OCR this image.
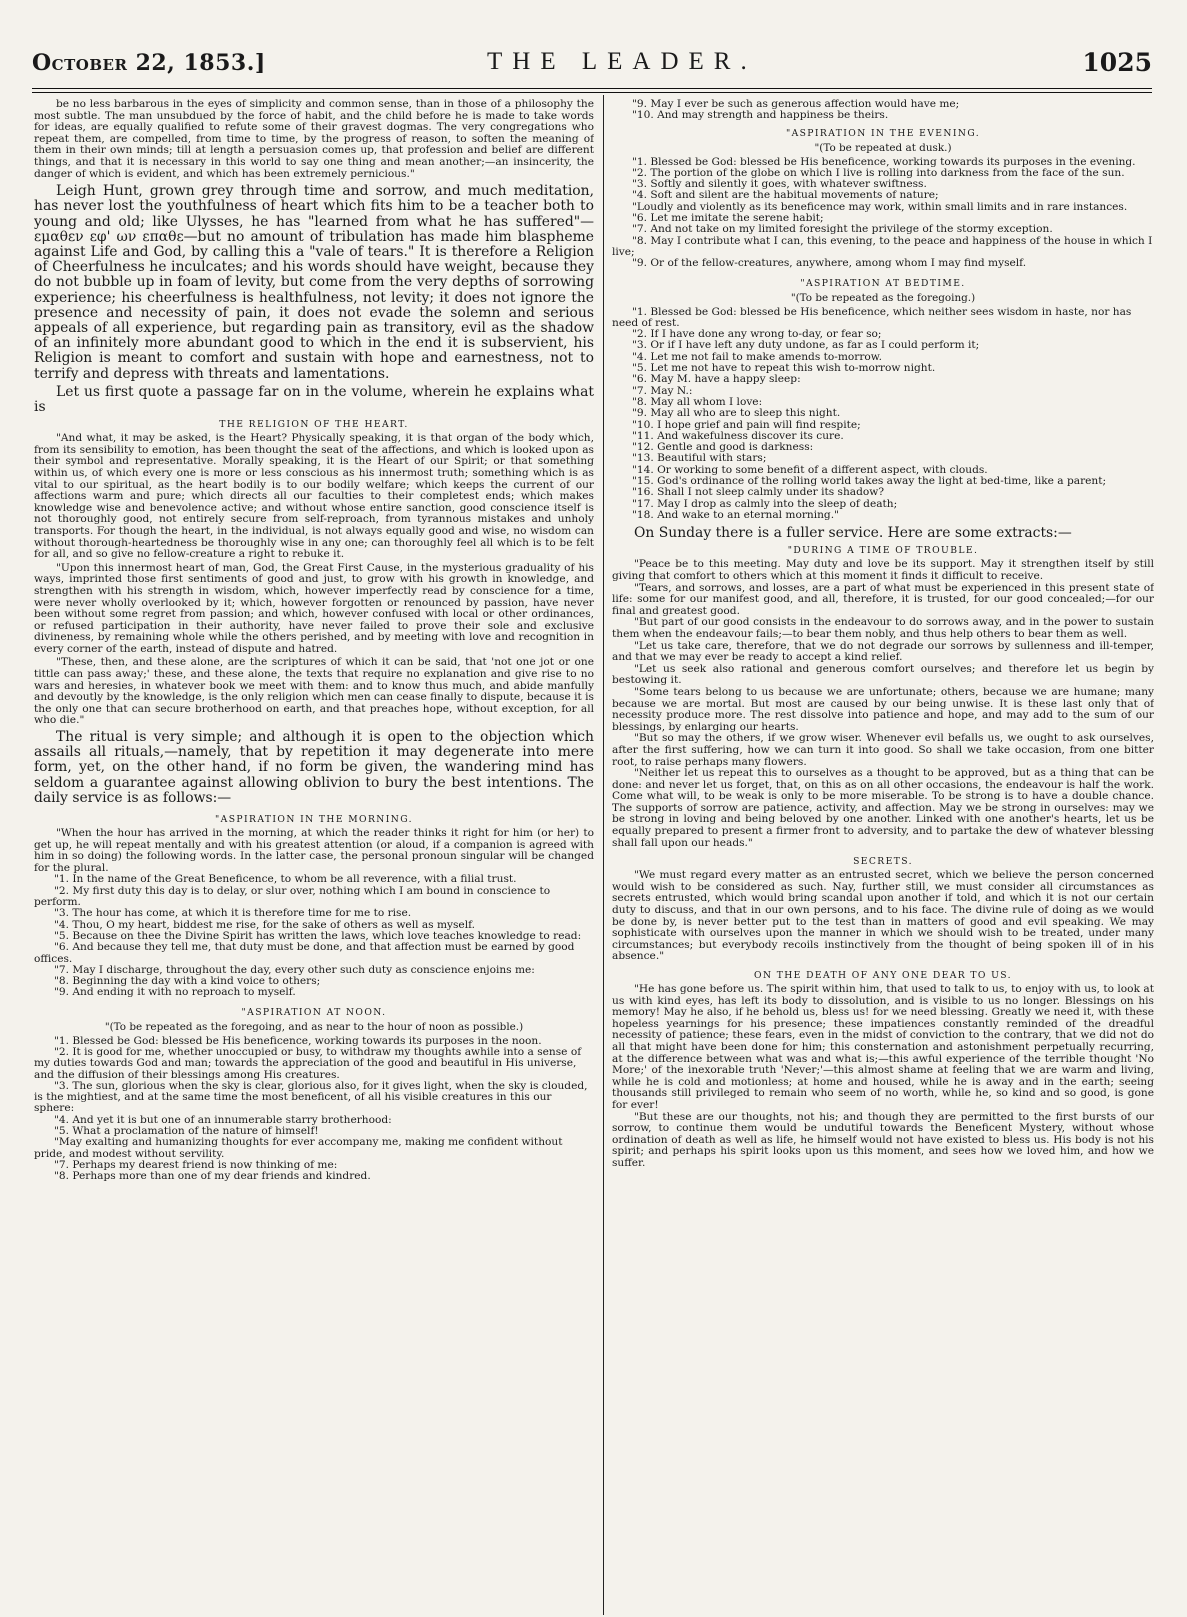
October 22, 1853.]	THE LEADER.	1025

be no less barbarous in the eyes of simplicity and common sense, than in those of a philosophy the most subtle. The man unsubdued by the force of habit, and the child before he is made to take words for ideas, are equally qualified to refute some of their gravest dogmas. The very congregations who repeat them, are compelled, from time to time, by the progress of reason, to soften the meaning of them in their own minds; till at length a persuasion comes up, that profession and belief are different things, and that it is necessary in this world to say one thing and mean another;—an insincerity, the danger of which is evident, and which has been extremely pernicious."

Leigh Hunt, grown grey through time and sorrow, and much meditation, has never lost the youthfulness of heart which fits him to be a teacher both to young and old; like Ulysses, he has "learned from what he has suffered"—εμαθεν εφ' ων επαθε—but no amount of tribulation has made him blaspheme against Life and God, by calling this a "vale of tears." It is therefore a Religion of Cheerfulness he inculcates; and his words should have weight, because they do not bubble up in foam of levity, but come from the very depths of sorrowing experience; his cheerfulness is healthfulness, not levity; it does not ignore the presence and necessity of pain, it does not evade the solemn and serious appeals of all experience, but regarding pain as transitory, evil as the shadow of an infinitely more abundant good to which in the end it is subservient, his Religion is meant to comfort and sustain with hope and earnestness, not to terrify and depress with threats and lamentations.

Let us first quote a passage far on in the volume, wherein he explains what is

THE RELIGION OF THE HEART.

"And what, it may be asked, is the Heart? Physically speaking, it is that organ of the body which, from its sensibility to emotion, has been thought the seat of the affections, and which is looked upon as their symbol and representative. Morally speaking, it is the Heart of our Spirit; or that something within us, of which every one is more or less conscious as his innermost truth; something which is as vital to our spiritual, as the heart bodily is to our bodily welfare; which keeps the current of our affections warm and pure; which directs all our faculties to their completest ends; which makes knowledge wise and benevolence active; and without whose entire sanction, good conscience itself is not thoroughly good, not entirely secure from self-reproach, from tyrannous mistakes and unholy transports. For though the heart, in the individual, is not always equally good and wise, no wisdom can without thorough-heartedness be thoroughly wise in any one; can thoroughly feel all which is to be felt for all, and so give no fellow-creature a right to rebuke it.

"Upon this innermost heart of man, God, the Great First Cause, in the mysterious graduality of his ways, imprinted those first sentiments of good and just, to grow with his growth in knowledge, and strengthen with his strength in wisdom, which, however imperfectly read by conscience for a time, were never wholly overlooked by it; which, however forgotten or renounced by passion, have never been without some regret from passion; and which, however confused with local or other ordinances, or refused participation in their authority, have never failed to prove their sole and exclusive divineness, by remaining whole while the others perished, and by meeting with love and recognition in every corner of the earth, instead of dispute and hatred.

"These, then, and these alone, are the scriptures of which it can be said, that 'not one jot or one tittle can pass away;' these, and these alone, the texts that require no explanation and give rise to no wars and heresies, in whatever book we meet with them: and to know thus much, and abide manfully and devoutly by the knowledge, is the only religion which men can cease finally to dispute, because it is the only one that can secure brotherhood on earth, and that preaches hope, without exception, for all who die."

The ritual is very simple; and although it is open to the objection which assails all rituals,—namely, that by repetition it may degenerate into mere form, yet, on the other hand, if no form be given, the wandering mind has seldom a guarantee against allowing oblivion to bury the best intentions. The daily service is as follows:—

"ASPIRATION IN THE MORNING.

"When the hour has arrived in the morning, at which the reader thinks it right for him (or her) to get up, he will repeat mentally and with his greatest attention (or aloud, if a companion is agreed with him in so doing) the following words. In the latter case, the personal pronoun singular will be changed for the plural.

"1. In the name of the Great Beneficence, to whom be all reverence, with a filial trust.

"2. My first duty this day is to delay, or slur over, nothing which I am bound in conscience to perform.

"3. The hour has come, at which it is therefore time for me to rise.

"4. Thou, O my heart, biddest me rise, for the sake of others as well as myself.

"5. Because on thee the Divine Spirit has written the laws, which love teaches knowledge to read:

"6. And because they tell me, that duty must be done, and that affection must be earned by good offices.

"7. May I discharge, throughout the day, every other such duty as conscience enjoins me:

"8. Beginning the day with a kind voice to others;

"9. And ending it with no reproach to myself.

"ASPIRATION AT NOON.
"(To be repeated as the foregoing, and as near to the hour of noon as possible.)

"1. Blessed be God: blessed be His beneficence, working towards its purposes in the noon.

"2. It is good for me, whether unoccupied or busy, to withdraw my thoughts awhile into a sense of my duties towards God and man; towards the appreciation of the good and beautiful in His universe, and the diffusion of their blessings among His creatures.

"3. The sun, glorious when the sky is clear, glorious also, for it gives light, when the sky is clouded, is the mightiest, and at the same time the most beneficent, of all his visible creatures in this our sphere:

"4. And yet it is but one of an innumerable starry brotherhood:

"5. What a proclamation of the nature of himself!

"May exalting and humanizing thoughts for ever accompany me, making me confident without pride, and modest without servility.

"7. Perhaps my dearest friend is now thinking of me:

"8. Perhaps more than one of my dear friends and kindred.

"9. May I ever be such as generous affection would have me;

"10. And may strength and happiness be theirs.

"ASPIRATION IN THE EVENING.
"(To be repeated at dusk.)

"1. Blessed be God: blessed be His beneficence, working towards its purposes in the evening.

"2. The portion of the globe on which I live is rolling into darkness from the face of the sun.

"3. Softly and silently it goes, with whatever swiftness.

"4. Soft and silent are the habitual movements of nature;

"Loudly and violently as its beneficence may work, within small limits and in rare instances.

"6. Let me imitate the serene habit;

"7. And not take on my limited foresight the privilege of the stormy exception.

"8. May I contribute what I can, this evening, to the peace and happiness of the house in which I live;

"9. Or of the fellow-creatures, anywhere, among whom I may find myself.

"ASPIRATION AT BEDTIME.
"(To be repeated as the foregoing.)

"1. Blessed be God: blessed be His beneficence, which neither sees wisdom in haste, nor has need of rest.

"2. If I have done any wrong to-day, or fear so;

"3. Or if I have left any duty undone, as far as I could perform it;

"4. Let me not fail to make amends to-morrow.

"5. Let me not have to repeat this wish to-morrow night.

"6. May M. have a happy sleep:

"7. May N.:

"8. May all whom I love:

"9. May all who are to sleep this night.

"10. I hope grief and pain will find respite;

"11. And wakefulness discover its cure.

"12. Gentle and good is darkness:

"13. Beautiful with stars;

"14. Or working to some benefit of a different aspect, with clouds.

"15. God's ordinance of the rolling world takes away the light at bed-time, like a parent;

"16. Shall I not sleep calmly under its shadow?

"17. May I drop as calmly into the sleep of death;

"18. And wake to an eternal morning."

On Sunday there is a fuller service. Here are some extracts:—

"DURING A TIME OF TROUBLE.

"Peace be to this meeting. May duty and love be its support. May it strengthen itself by still giving that comfort to others which at this moment it finds it difficult to receive.

"Tears, and sorrows, and losses, are a part of what must be experienced in this present state of life: some for our manifest good, and all, therefore, it is trusted, for our good concealed;—for our final and greatest good.

"But part of our good consists in the endeavour to do sorrows away, and in the power to sustain them when the endeavour fails;—to bear them nobly, and thus help others to bear them as well.

"Let us take care, therefore, that we do not degrade our sorrows by sullenness and ill-temper, and that we may ever be ready to accept a kind relief.

"Let us seek also rational and generous comfort ourselves; and therefore let us begin by bestowing it.

"Some tears belong to us because we are unfortunate; others, because we are humane; many because we are mortal. But most are caused by our being unwise. It is these last only that of necessity produce more. The rest dissolve into patience and hope, and may add to the sum of our blessings, by enlarging our hearts.

"But so may the others, if we grow wiser. Whenever evil befalls us, we ought to ask ourselves, after the first suffering, how we can turn it into good. So shall we take occasion, from one bitter root, to raise perhaps many flowers.

"Neither let us repeat this to ourselves as a thought to be approved, but as a thing that can be done: and never let us forget, that, on this as on all other occasions, the endeavour is half the work. Come what will, to be weak is only to be more miserable. To be strong is to have a double chance. The supports of sorrow are patience, activity, and affection. May we be strong in ourselves: may we be strong in loving and being beloved by one another. Linked with one another's hearts, let us be equally prepared to present a firmer front to adversity, and to partake the dew of whatever blessing shall fall upon our heads."

SECRETS.

"We must regard every matter as an entrusted secret, which we believe the person concerned would wish to be considered as such. Nay, further still, we must consider all circumstances as secrets entrusted, which would bring scandal upon another if told, and which it is not our certain duty to discuss, and that in our own persons, and to his face. The divine rule of doing as we would be done by, is never better put to the test than in matters of good and evil speaking. We may sophisticate with ourselves upon the manner in which we should wish to be treated, under many circumstances; but everybody recoils instinctively from the thought of being spoken ill of in his absence."

ON THE DEATH OF ANY ONE DEAR TO US.

"He has gone before us. The spirit within him, that used to talk to us, to enjoy with us, to look at us with kind eyes, has left its body to dissolution, and is visible to us no longer. Blessings on his memory! May he also, if he behold us, bless us! for we need blessing. Greatly we need it, with these hopeless yearnings for his presence; these impatiences constantly reminded of the dreadful necessity of patience; these fears, even in the midst of conviction to the contrary, that we did not do all that might have been done for him; this consternation and astonishment perpetually recurring, at the difference between what was and what is;—this awful experience of the terrible thought 'No More;' of the inexorable truth 'Never;'—this almost shame at feeling that we are warm and living, while he is cold and motionless; at home and housed, while he is away and in the earth; seeing thousands still privileged to remain who seem of no worth, while he, so kind and so good, is gone for ever!

"But these are our thoughts, not his; and though they are permitted to the first bursts of our sorrow, to continue them would be undutiful towards the Beneficent Mystery, without whose ordination of death as well as life, he himself would not have existed to bless us. His body is not his spirit; and perhaps his spirit looks upon us this moment, and sees how we loved him, and how we suffer.
